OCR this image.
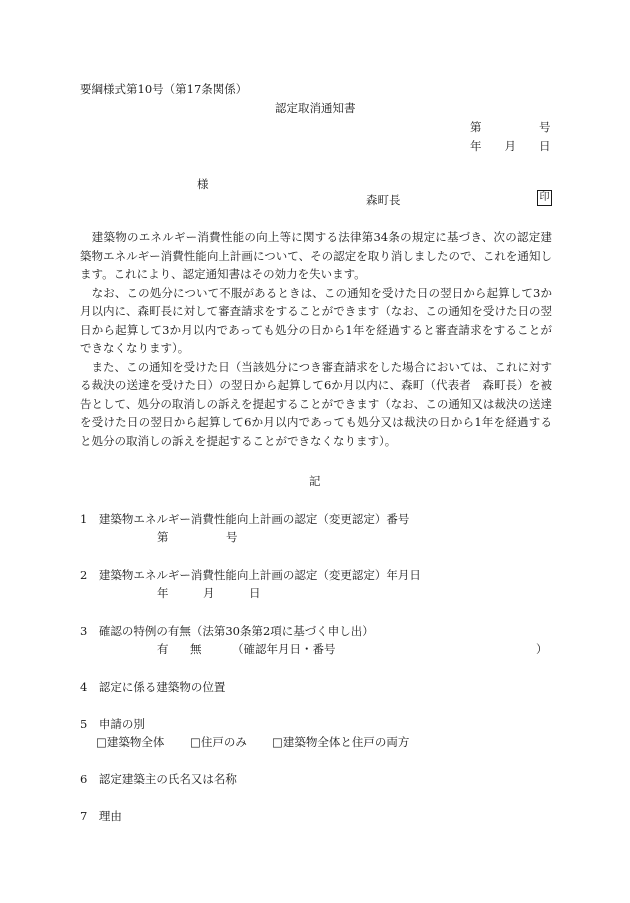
要綱様式第10号（第17条関係）
認定取消通知書
第　　　　　号
年　　月　　日
様
森町長	印

　建築物のエネルギー消費性能の向上等に関する法律第34条の規定に基づき、次の認定建築物エネルギー消費性能向上計画について、その認定を取り消しましたので、これを通知します。これにより、認定通知書はその効力を失います。

　なお、この処分について不服があるときは、この通知を受けた日の翌日から起算して3か月以内に、森町長に対して審査請求をすることができます（なお、この通知を受けた日の翌日から起算して3か月以内であっても処分の日から1年を経過すると審査請求をすることができなくなります）。

　また、この通知を受けた日（当該処分につき審査請求をした場合においては、これに対する裁決の送達を受けた日）の翌日から起算して6か月以内に、森町（代表者　森町長）を被告として、処分の取消しの訴えを提起することができます（なお、この通知又は裁決の送達を受けた日の翌日から起算して6か月以内であっても処分又は裁決の日から1年を経過すると処分の取消しの訴えを提起することができなくなります）。

記
1　建築物エネルギー消費性能向上計画の認定（変更認定）番号
第　　　　　号
2　建築物エネルギー消費性能向上計画の認定（変更認定）年月日
年　　　月　　　日
3　確認の特例の有無（法第30条第2項に基づく申し出）
有 無	（確認年月日・番号	）
4　認定に係る建築物の位置
5　申請の別
□建築物全体 □住戸のみ □建築物全体と住戸の両方
6　認定建築主の氏名又は名称
7　理由
